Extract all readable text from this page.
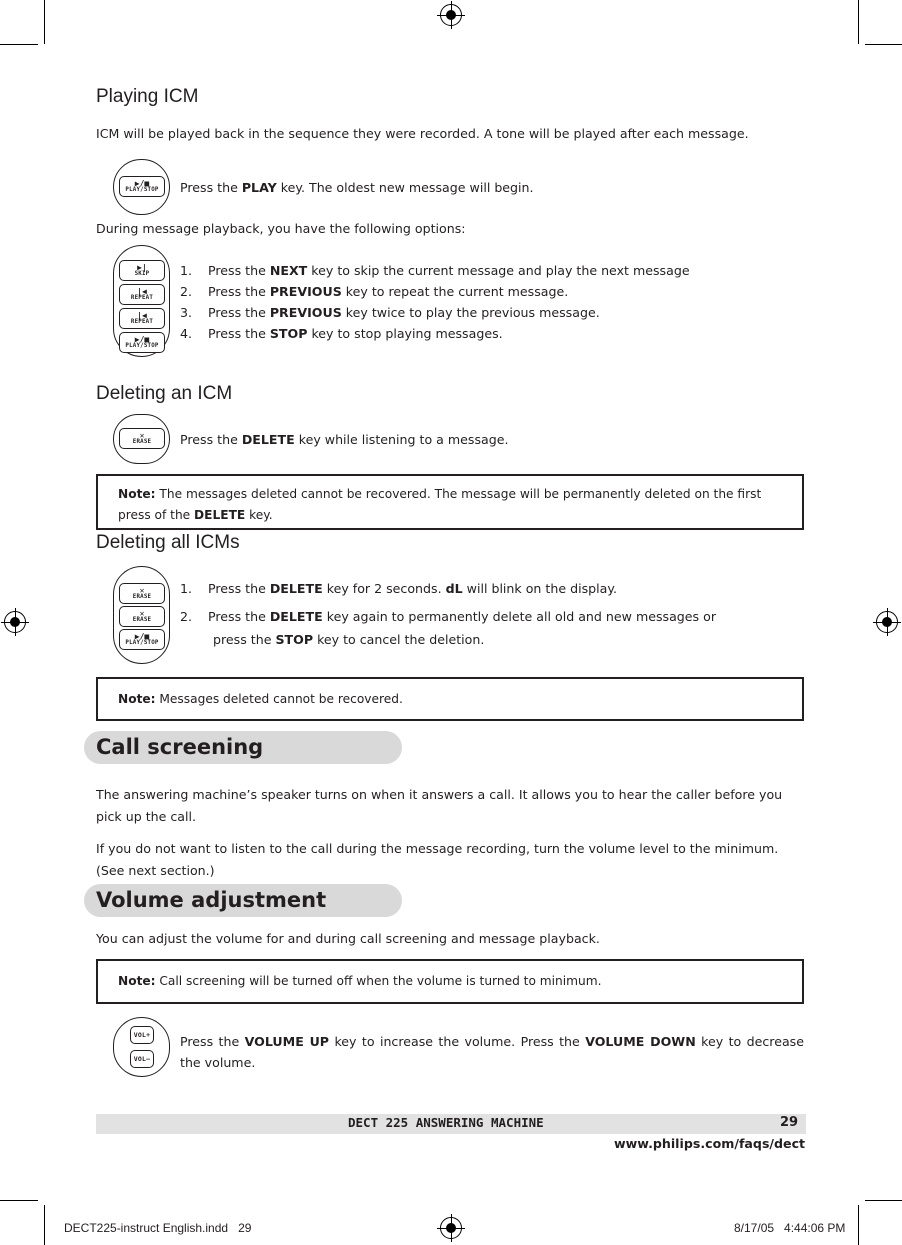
Playing ICM
ICM will be played back in the sequence they were recorded. A tone will be played after each message.
▶/■
PLAY/STOP Press the PLAY key. The oldest new message will begin.
During message playback, you have the following options:
▶|
SKIP
|◀
REPEAT
|◀
REPEAT
▶/■
PLAY/STOP
1. Press the NEXT key to skip the current message and play the next message
2. Press the PREVIOUS key to repeat the current message.
3. Press the PREVIOUS key twice to play the previous message.
4. Press the STOP key to stop playing messages.
Deleting an ICM
✕
ERASE Press the DELETE key while listening to a message.
Note: The messages deleted cannot be recovered. The message will be permanently deleted on the first press of the DELETE key.
Deleting all ICMs
✕
ERASE
✕
ERASE
▶/■
PLAY/STOP
1. Press the DELETE key for 2 seconds. dL will blink on the display.
2. Press the DELETE key again to permanently delete all old and new messages or
press the STOP key to cancel the deletion.
Note: Messages deleted cannot be recovered.
Call screening
The answering machine’s speaker turns on when it answers a call. It allows you to hear the caller before you pick up the call.
If you do not want to listen to the call during the message recording, turn the volume level to the minimum. (See next section.)
Volume adjustment
You can adjust the volume for and during call screening and message playback.
Note: Call screening will be turned off when the volume is turned to minimum.
VOL+
VOL–
Press the VOLUME UP key to increase the volume. Press the VOLUME DOWN key to decrease the volume.
DECT 225 ANSWERING MACHINE	29
www.philips.com/faqs/dect
DECT225-instruct English.indd   29	8/17/05   4:44:06 PM
